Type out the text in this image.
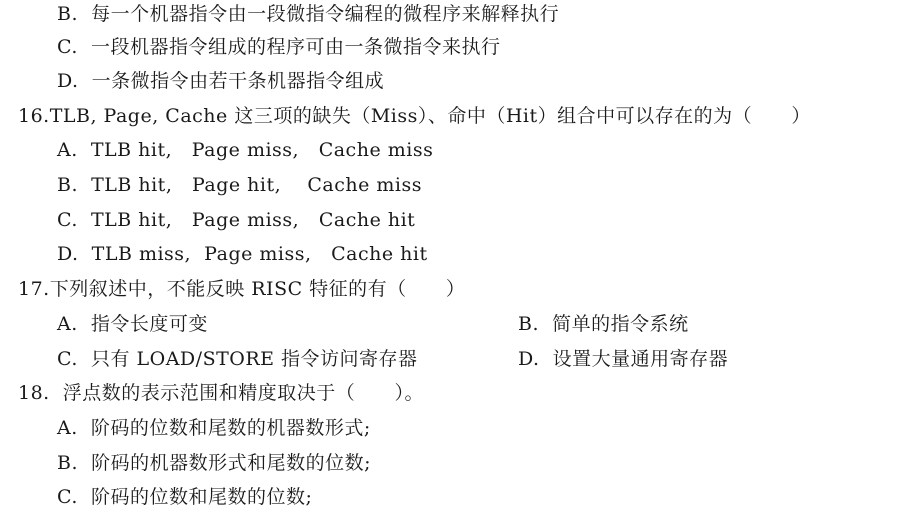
B.  每一个机器指令由一段微指令编程的微程序来解释执行
C.  一段机器指令组成的程序可由一条微指令来执行
D.  一条微指令由若干条机器指令组成
16.TLB, Page, Cache 这三项的缺失（Miss）、命中（Hit）组合中可以存在的为（      ）
A.  TLB hit,   Page miss,   Cache miss
B.  TLB hit,   Page hit,    Cache miss
C.  TLB hit,   Page miss,   Cache hit
D.  TLB miss,  Page miss,   Cache hit
17.下列叙述中，不能反映 RISC 特征的有（      ）
A.  指令长度可变	B.  简单的指令系统
C.  只有 LOAD/STORE 指令访问寄存器	D.  设置大量通用寄存器
18.  浮点数的表示范围和精度取决于（      ）。
A.  阶码的位数和尾数的机器数形式;
B.  阶码的机器数形式和尾数的位数;
C.  阶码的位数和尾数的位数;
